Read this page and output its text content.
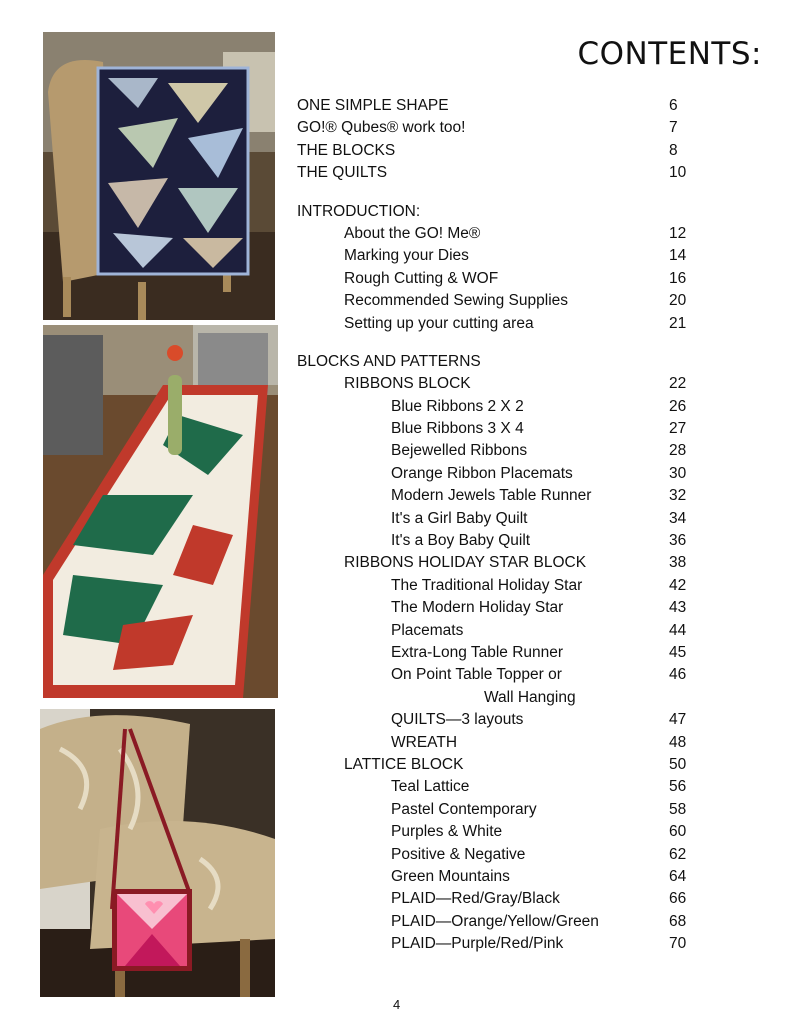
CONTENTS:
ONE SIMPLE SHAPE	6
GO!® Qubes® work too!	7
THE BLOCKS	8
THE QUILTS	10
INTRODUCTION:
About the GO! Me®	12
Marking your Dies	14
Rough Cutting & WOF	16
Recommended Sewing Supplies	20
Setting up your cutting area	21
BLOCKS AND PATTERNS
RIBBONS BLOCK	22
Blue Ribbons 2 X 2	26
Blue Ribbons 3 X 4	27
Bejewelled Ribbons	28
Orange Ribbon Placemats	30
Modern Jewels Table Runner	32
It's a Girl Baby Quilt	34
It's a Boy Baby Quilt	36
RIBBONS HOLIDAY STAR BLOCK	38
The Traditional Holiday Star	42
The Modern Holiday Star	43
Placemats	44
Extra-Long Table Runner	45
On Point Table Topper or	46
Wall Hanging
QUILTS—3 layouts	47
WREATH	48
LATTICE BLOCK	50
Teal Lattice	56
Pastel Contemporary	58
Purples & White	60
Positive & Negative	62
Green Mountains	64
PLAID—Red/Gray/Black	66
PLAID—Orange/Yellow/Green	68
PLAID—Purple/Red/Pink	70
4
